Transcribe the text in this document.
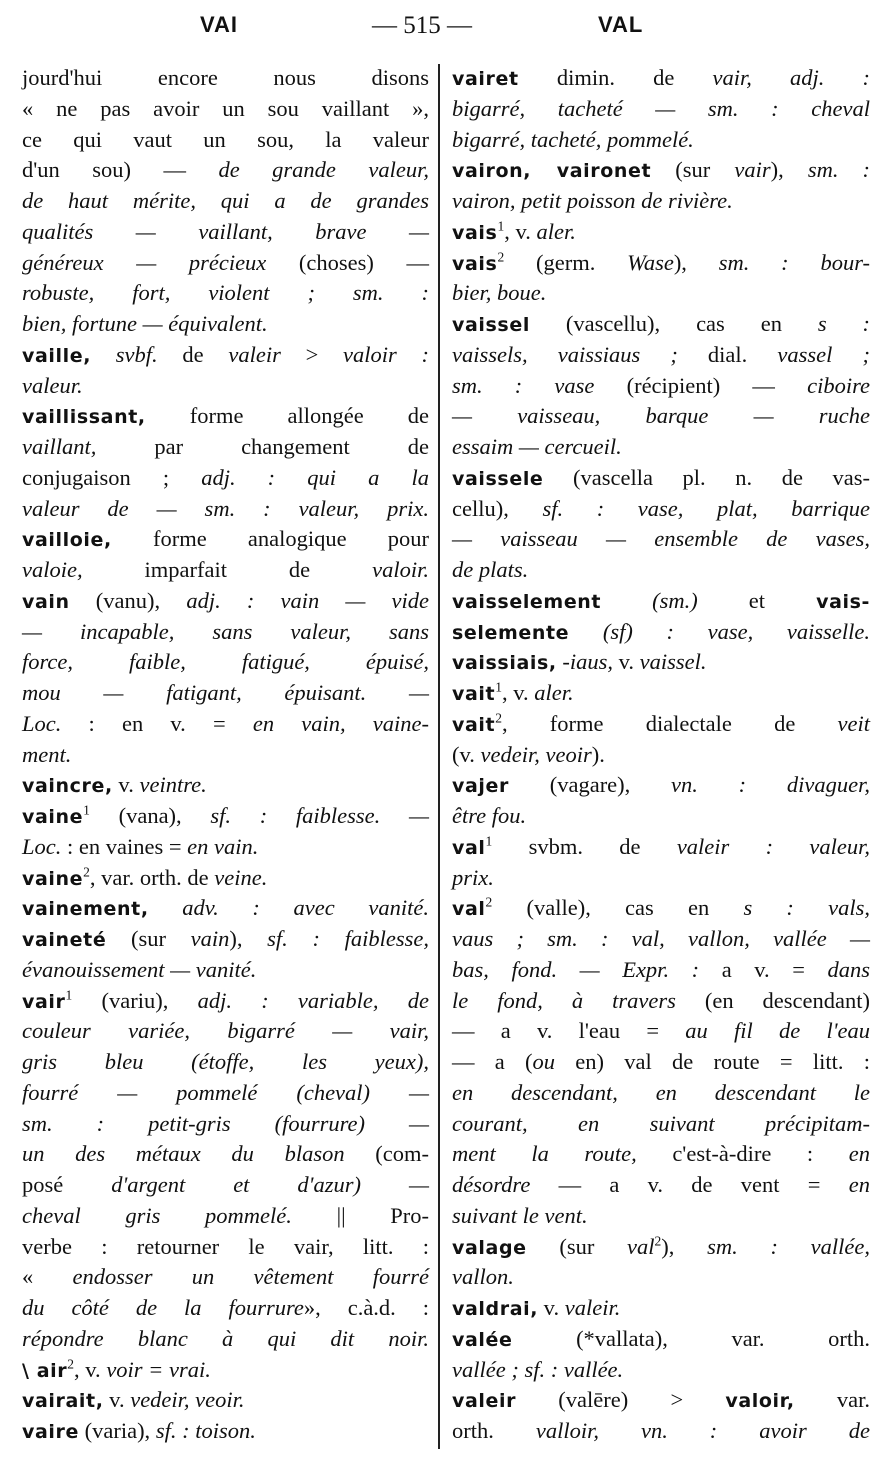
VAI	— 515 —	VAL
jourd'hui encore nous disons
« ne pas avoir un sou vaillant »,
ce qui vaut un sou, la valeur
d'un sou) — de grande valeur,
de haut mérite, qui a de grandes
qualités — vaillant, brave —
généreux — précieux (choses) —
robuste, fort, violent ; sm. :
bien, fortune — équivalent.
vaille, svbf. de valeir > valoir :
valeur.
vaillissant, forme allongée de
vaillant, par changement de
conjugaison ; adj. : qui a la
valeur de — sm. : valeur, prix.
vailloie, forme analogique pour
valoie, imparfait de valoir.
vain (vanu), adj. : vain — vide
— incapable, sans valeur, sans
force, faible, fatigué, épuisé,
mou — fatigant, épuisant. —
Loc. : en v. = en vain, vaine-
ment.
vaincre, v. veintre.
vaine$^1$ (vana), sf. : faiblesse. —
Loc. : en vaines = en vain.
vaine$^2$, var. orth. de veine.
vainement, adv. : avec vanité.
vaineté (sur vain), sf. : faiblesse,
évanouissement — vanité.
vair$^1$ (variu), adj. : variable, de
couleur variée, bigarré — vair,
gris bleu (étoffe, les yeux),
fourré — pommelé (cheval) —
sm. : petit-gris (fourrure) —
un des métaux du blason (com-
posé d'argent et d'azur) —
cheval gris pommelé. || Pro-
verbe : retourner le vair, litt. :
« endosser un vêtement fourré
du côté de la fourrure», c.à.d. :
répondre blanc à qui dit noir.
\ air$^2$, v. voir = vrai.
vairait, v. vedeir, veoir.
vaire (varia), sf. : toison.
vairet dimin. de vair, adj. :
bigarré, tacheté — sm. : cheval
bigarré, tacheté, pommelé.
vairon, vaironet (sur vair), sm. :
vairon, petit poisson de rivière.
vais$^1$, v. aler.
vais$^2$ (germ. Wase), sm. : bour-
bier, boue.
vaissel (vascellu), cas en s :
vaissels, vaissiaus ; dial. vassel ;
sm. : vase (récipient) — ciboire
— vaisseau, barque — ruche
essaim — cercueil.
vaissele (vascella pl. n. de vas-
cellu), sf. : vase, plat, barrique
— vaisseau — ensemble de vases,
de plats.
vaisselement (sm.) et vais-
selemente (sf) : vase, vaisselle.
vaissiais, -iaus, v. vaissel.
vait$^1$, v. aler.
vait$^2$, forme dialectale de veit
(v. vedeir, veoir).
vajer (vagare), vn. : divaguer,
être fou.
val$^1$ svbm. de valeir : valeur,
prix.
val$^2$ (valle), cas en s : vals,
vaus ; sm. : val, vallon, vallée —
bas, fond. — Expr. : a v. = dans
le fond, à travers (en descendant)
— a v. l'eau = au fil de l'eau
— a (ou en) val de route = litt. :
en descendant, en descendant le
courant, en suivant précipitam-
ment la route, c'est-à-dire : en
désordre — a v. de vent = en
suivant le vent.
valage (sur val$^2$), sm. : vallée,
vallon.
valdrai, v. valeir.
valée (*vallata), var. orth.
vallée ; sf. : vallée.
valeir (valēre) > valoir, var.
orth. valloir, vn. : avoir de
